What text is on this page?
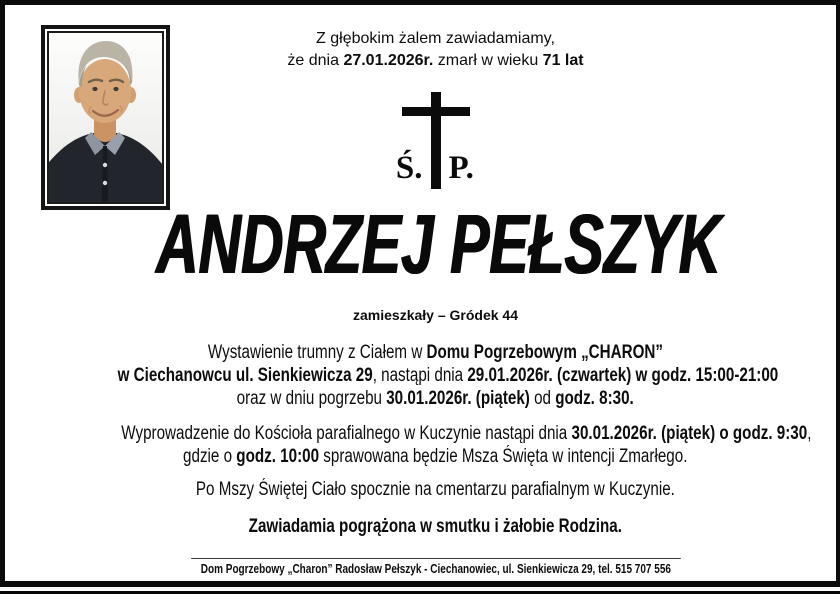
Z głębokim żalem zawiadamiamy,
że dnia 27.01.2026r. zmarł w wieku 71 lat
Ś. P.
ANDRZEJ PEŁSZYK
zamieszkały – Gródek 44
Wystawienie trumny z Ciałem w Domu Pogrzebowym „CHARON”
w Ciechanowcu ul. Sienkiewicza 29, nastąpi dnia 29.01.2026r. (czwartek) w godz. 15:00-21:00
oraz w dniu pogrzebu 30.01.2026r. (piątek) od godz. 8:30.
Wyprowadzenie do Kościoła parafialnego w Kuczynie nastąpi dnia 30.01.2026r. (piątek) o godz. 9:30,
gdzie o godz. 10:00 sprawowana będzie Msza Święta w intencji Zmarłego.
Po Mszy Świętej Ciało spocznie na cmentarzu parafialnym w Kuczynie.
Zawiadamia pogrążona w smutku i żałobie Rodzina.
Dom Pogrzebowy „Charon” Radosław Pełszyk - Ciechanowiec, ul. Sienkiewicza 29, tel. 515 707 556
